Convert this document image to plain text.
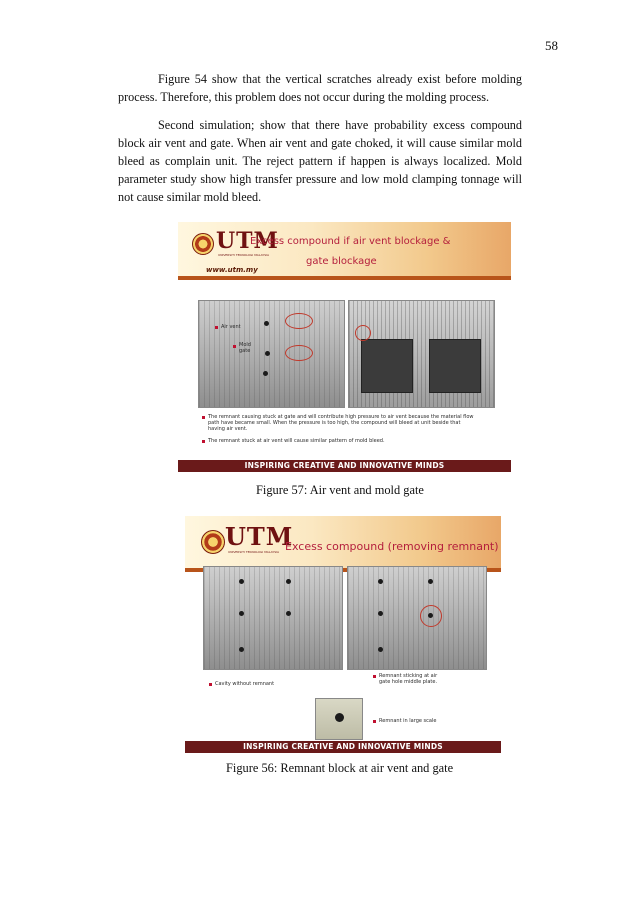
58

Figure 54 show that the vertical scratches already exist before molding process. Therefore, this problem does not occur during the molding process.

Second simulation; show that there have probability excess compound block air vent and gate. When air vent and gate choked, it will cause similar mold bleed as complain unit. The reject pattern if happen is always localized. Mold parameter study show high transfer pressure and low mold clamping tonnage will not cause similar mold bleed.

UTM
UNIVERSITI TEKNOLOGI MALAYSIA
www.utm.my
Excess compound if air vent blockage &
gate blockage
Air vent
Mold gate
The remnant causing stuck at gate and will contribute high pressure to air vent because the material flow path have became small. When the pressure is too high, the compound will bleed at unit beside that having air vent.
The remnant stuck at air vent will cause similar pattern of mold bleed.
INSPIRING CREATIVE AND INNOVATIVE MINDS
Figure 57: Air vent and mold gate
UTM
UNIVERSITI TEKNOLOGI MALAYSIA Excess compound (removing remnant)
Cavity without remnant
Remnant sticking at air gate hole middle plate.
Remnant in large scale
INSPIRING CREATIVE AND INNOVATIVE MINDS
Figure 56: Remnant block at air vent and gate
